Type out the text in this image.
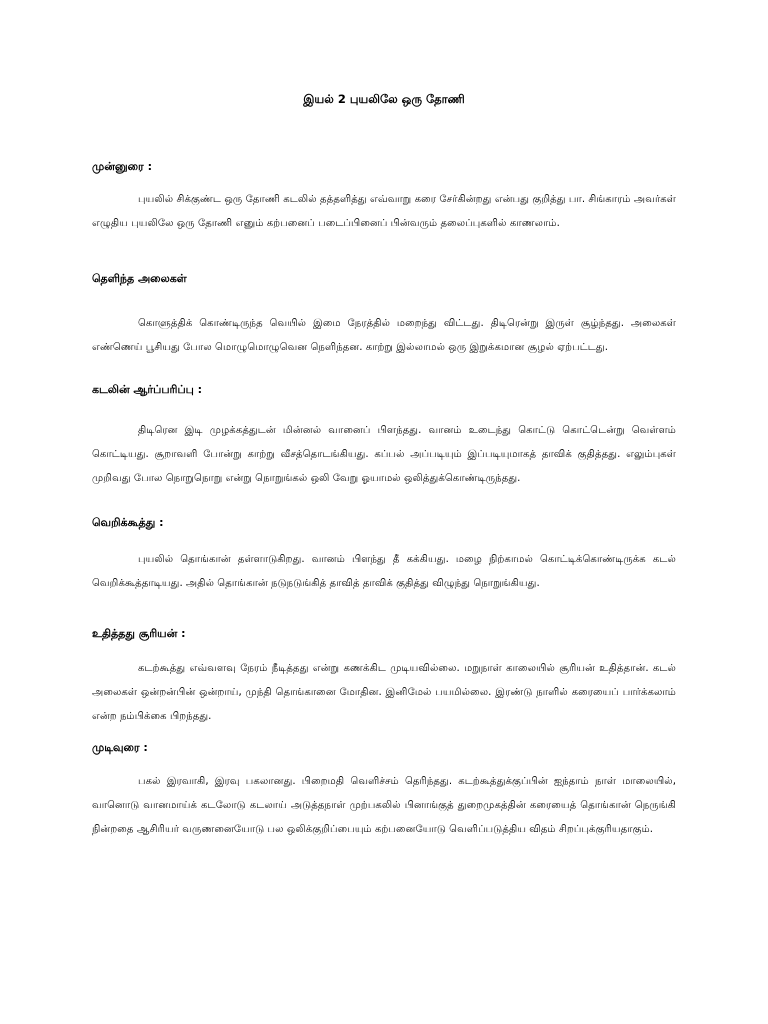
இயல் 2 புயலிலே ஒரு தோணி
முன்னுரை :

புயலில் சிக்குண்ட ஒரு தோணி கடலில் தத்தளித்து எவ்வாறு கரை சேர்கின்றது என்பது குறித்து பா. சிங்காரம் அவர்கள் எழுதிய புயலிலே ஒரு தோணி எனும் கற்பனைப் படைப்பினைப் பின்வரும் தலைப்புகளில் காணலாம்.

தெளிந்த அலைகள்

கொளுத்திக் கொண்டிருந்த வெயில் இமை நேரத்தில் மறைந்து விட்டது. திடிரென்று இருள் சூழ்ந்தது. அலைகள் எண்ணெய் பூசியது போல மொழுமொழுவென நெளிந்தன. காற்று இல்லாமல் ஒரு இறுக்கமான சூழல் ஏற்பட்டது.

கடலின் ஆர்ப்பரிப்பு :

திடிரென இடி முழக்கத்துடன் மின்னல் வானைப் பிளந்தது. வானம் உடைந்து கொட்டு கொட்டென்று வெள்ளம் கொட்டியது. சூறாவளி போன்று காற்று வீசத்தொடங்கியது. கப்பல் அப்படியும் இப்படியுமாகத் தாவிக் குதித்தது. எலும்புகள் முறிவது போல நொறுநொறு என்று நொறுங்கல் ஒலி வேறு ஓயாமல் ஒலித்துக்கொண்டிருந்தது.

வெறிக்கூத்து :

புயலில் தொங்கான் தள்ளாடுகிறது. வானம் பிளந்து தீ கக்கியது. மழை நிற்காமல் கொட்டிக்கொண்டிருக்க கடல் வெறிக்கூத்தாடியது. அதில் தொங்கான் நடுநடுங்கித் தாவித் தாவிக் குதித்து விழுந்து நொறுங்கியது.

உதித்தது சூரியன் :

கடற்கூத்து எவ்வளவு நேரம் நீடித்தது என்று கணக்கிட முடியவில்லை. மறுநாள் காலையில் சூரியன் உதித்தான். கடல் அலைகள் ஒன்றன்பின் ஒன்றாய், முந்தி தொங்கானை மோதின. இனிமேல் பயமில்லை. இரண்டு நாளில் கரையைப் பார்க்கலாம் என்ற நம்பிக்கை பிறந்தது.

முடிவுரை :

பகல் இரவாகி, இரவு பகலானது. பிறைமதி வெளிச்சம் தெரிந்தது. கடற்கூத்துக்குப்பின் ஐந்தாம் நாள் மாலையில், வானொடு வானமாய்க் கடலோடு கடலாய் அடுத்தநாள் முற்பகலில் பினாங்குத் துறைமுகத்தின் கரையைத் தொங்கான் நெருங்கி நின்றதை ஆசிரியர் வருணனையோடு பல ஒலிக்குறிப்பையும் கற்பனையோடு வெளிப்படுத்திய விதம் சிறப்புக்குரியதாகும்.
